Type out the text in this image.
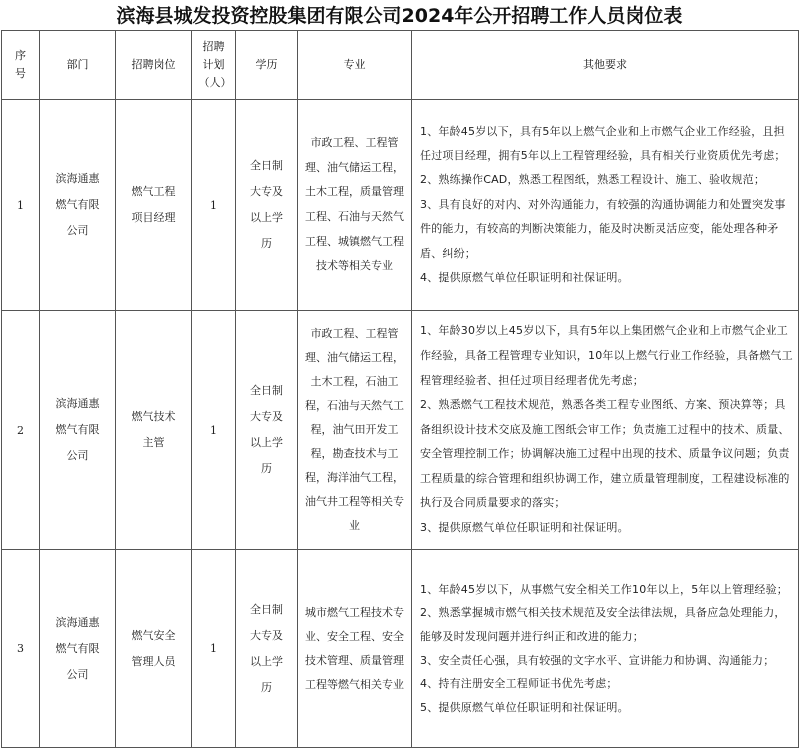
滨海县城发投资控股集团有限公司2024年公开招聘工作人员岗位表
序号	部门	招聘岗位	招聘计划（人）	学历	专业	其他要求
1	滨海通惠燃气有限公司	燃气工程项目经理	1	全日制大专及以上学历	市政工程、工程管理、油气储运工程，土木工程，质量管理工程、石油与天然气工程、城镇燃气工程技术等相关专业	1、年龄45岁以下，具有5年以上燃气企业和上市燃气企业工作经验，且担任过项目经理，拥有5年以上工程管理经验，具有相关行业资质优先考虑；
2、熟练操作CAD，熟悉工程图纸，熟悉工程设计、施工、验收规范；
3、具有良好的对内、对外沟通能力，有较强的沟通协调能力和处置突发事件的能力，有较高的判断决策能力，能及时决断灵活应变，能处理各种矛盾、纠纷；
4、提供原燃气单位任职证明和社保证明。

2	滨海通惠燃气有限公司	燃气技术主管	1	全日制大专及以上学历	市政工程、工程管理、油气储运工程，土木工程，石油工程，石油与天然气工程，油气田开发工程，勘查技术与工程，海洋油气工程，油气井工程等相关专业	1、年龄30岁以上45岁以下，具有5年以上集团燃气企业和上市燃气企业工作经验，具备工程管理专业知识，10年以上燃气行业工作经验，具备燃气工程管理经验者、担任过项目经理者优先考虑；
2、熟悉燃气工程技术规范，熟悉各类工程专业图纸、方案、预决算等；具备组织设计技术交底及施工图纸会审工作；负责施工过程中的技术、质量、安全管理控制工作；协调解决施工过程中出现的技术、质量争议问题；负责工程质量的综合管理和组织协调工作，建立质量管理制度，工程建设标准的执行及合同质量要求的落实；
3、提供原燃气单位任职证明和社保证明。

3	滨海通惠燃气有限公司	燃气安全管理人员	1	全日制大专及以上学历	城市燃气工程技术专业、安全工程、安全技术管理、质量管理工程等燃气相关专业	1、年龄45岁以下，从事燃气安全相关工作10年以上，5年以上管理经验；
2、熟悉掌握城市燃气相关技术规范及安全法律法规，具备应急处理能力，能够及时发现问题并进行纠正和改进的能力；
3、安全责任心强，具有较强的文字水平、宣讲能力和协调、沟通能力；
4、持有注册安全工程师证书优先考虑；
5、提供原燃气单位任职证明和社保证明。
